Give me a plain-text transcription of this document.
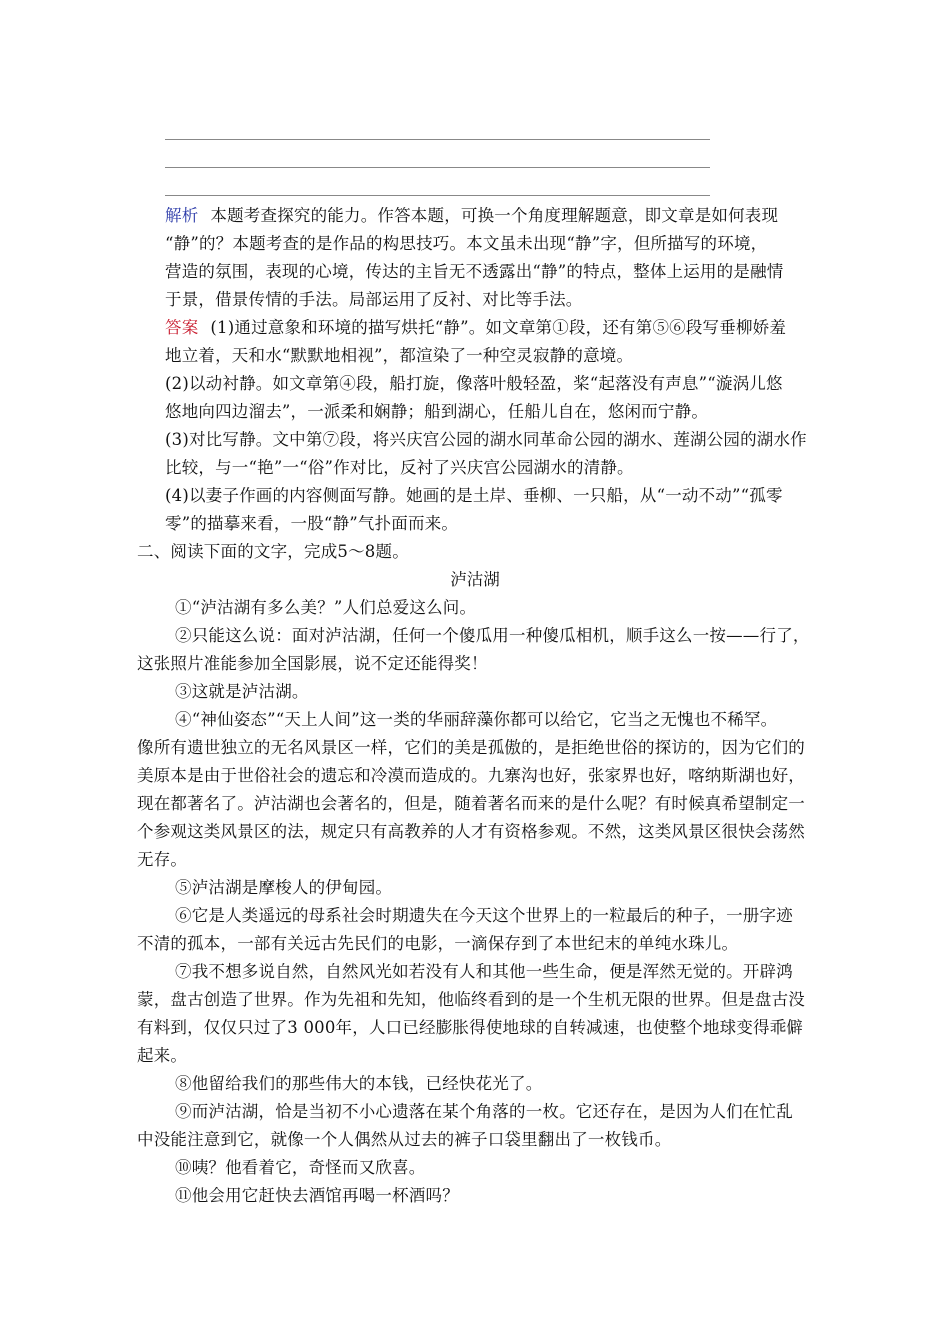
解析 本题考查探究的能力。作答本题，可换一个角度理解题意，即文章是如何表现
“静”的？本题考查的是作品的构思技巧。本文虽未出现“静”字，但所描写的环境，
营造的氛围，表现的心境，传达的主旨无不透露出“静”的特点，整体上运用的是融情
于景，借景传情的手法。局部运用了反衬、对比等手法。
答案 (1)通过意象和环境的描写烘托“静”。如文章第①段，还有第⑤⑥段写垂柳娇羞
地立着，天和水“默默地相视”，都渲染了一种空灵寂静的意境。
(2)以动衬静。如文章第④段，船打旋，像落叶般轻盈，桨“起落没有声息”“漩涡儿悠
悠地向四边溜去”，一派柔和娴静；船到湖心，任船儿自在，悠闲而宁静。
(3)对比写静。文中第⑦段，将兴庆宫公园的湖水同革命公园的湖水、莲湖公园的湖水作
比较，与一“艳”一“俗”作对比，反衬了兴庆宫公园湖水的清静。
(4)以妻子作画的内容侧面写静。她画的是土岸、垂柳、一只船，从“一动不动”“孤零
零”的描摹来看，一股“静”气扑面而来。
二、阅读下面的文字，完成5～8题。
泸沽湖
①“泸沽湖有多么美？”人们总爱这么问。
②只能这么说：面对泸沽湖，任何一个傻瓜用一种傻瓜相机，顺手这么一按——行了，
这张照片准能参加全国影展，说不定还能得奖！
③这就是泸沽湖。
④“神仙姿态”“天上人间”这一类的华丽辞藻你都可以给它，它当之无愧也不稀罕。
像所有遗世独立的无名风景区一样，它们的美是孤傲的，是拒绝世俗的探访的，因为它们的
美原本是由于世俗社会的遗忘和冷漠而造成的。九寨沟也好，张家界也好，喀纳斯湖也好，
现在都著名了。泸沽湖也会著名的，但是，随着著名而来的是什么呢？有时候真希望制定一
个参观这类风景区的法，规定只有高教养的人才有资格参观。不然，这类风景区很快会荡然
无存。
⑤泸沽湖是摩梭人的伊甸园。
⑥它是人类遥远的母系社会时期遗失在今天这个世界上的一粒最后的种子，一册字迹
不清的孤本，一部有关远古先民们的电影，一滴保存到了本世纪末的单纯水珠儿。
⑦我不想多说自然，自然风光如若没有人和其他一些生命，便是浑然无觉的。开辟鸿
蒙，盘古创造了世界。作为先祖和先知，他临终看到的是一个生机无限的世界。但是盘古没
有料到，仅仅只过了3 000年，人口已经膨胀得使地球的自转减速，也使整个地球变得乖僻
起来。
⑧他留给我们的那些伟大的本钱，已经快花光了。
⑨而泸沽湖，恰是当初不小心遗落在某个角落的一枚。它还存在，是因为人们在忙乱
中没能注意到它，就像一个人偶然从过去的裤子口袋里翻出了一枚钱币。
⑩咦？他看着它，奇怪而又欣喜。
⑪他会用它赶快去酒馆再喝一杯酒吗？
